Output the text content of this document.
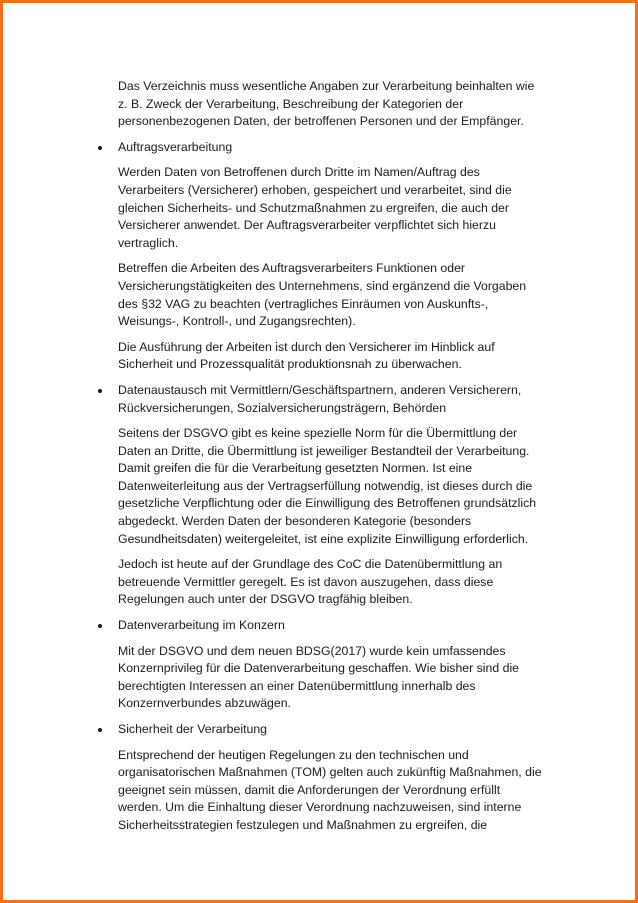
Das Verzeichnis muss wesentliche Angaben zur Verarbeitung beinhalten wie
z. B. Zweck der Verarbeitung, Beschreibung der Kategorien der
personenbezogenen Daten, der betroffenen Personen und der Empfänger.
Auftragsverarbeitung
Werden Daten von Betroffenen durch Dritte im Namen/Auftrag des
Verarbeiters (Versicherer) erhoben, gespeichert und verarbeitet, sind die
gleichen Sicherheits- und Schutzmaßnahmen zu ergreifen, die auch der
Versicherer anwendet. Der Auftragsverarbeiter verpflichtet sich hierzu
vertraglich.
Betreffen die Arbeiten des Auftragsverarbeiters Funktionen oder
Versicherungstätigkeiten des Unternehmens, sind ergänzend die Vorgaben
des §32 VAG zu beachten (vertragliches Einräumen von Auskunfts-,
Weisungs-, Kontroll-, und Zugangsrechten).
Die Ausführung der Arbeiten ist durch den Versicherer im Hinblick auf
Sicherheit und Prozessqualität produktionsnah zu überwachen.
Datenaustausch mit Vermittlern/Geschäftspartnern, anderen Versicherern,
Rückversicherungen, Sozialversicherungsträgern, Behörden
Seitens der DSGVO gibt es keine spezielle Norm für die Übermittlung der
Daten an Dritte, die Übermittlung ist jeweiliger Bestandteil der Verarbeitung.
Damit greifen die für die Verarbeitung gesetzten Normen. Ist eine
Datenweiterleitung aus der Vertragserfüllung notwendig, ist dieses durch die
gesetzliche Verpflichtung oder die Einwilligung des Betroffenen grundsätzlich
abgedeckt. Werden Daten der besonderen Kategorie (besonders
Gesundheitsdaten) weitergeleitet, ist eine explizite Einwilligung erforderlich.
Jedoch ist heute auf der Grundlage des CoC die Datenübermittlung an
betreuende Vermittler geregelt. Es ist davon auszugehen, dass diese
Regelungen auch unter der DSGVO tragfähig bleiben.
Datenverarbeitung im Konzern
Mit der DSGVO und dem neuen BDSG(2017) wurde kein umfassendes
Konzernprivileg für die Datenverarbeitung geschaffen. Wie bisher sind die
berechtigten Interessen an einer Datenübermittlung innerhalb des
Konzernverbundes abzuwägen.
Sicherheit der Verarbeitung
Entsprechend der heutigen Regelungen zu den technischen und
organisatorischen Maßnahmen (TOM) gelten auch zukünftig Maßnahmen, die
geeignet sein müssen, damit die Anforderungen der Verordnung erfüllt
werden. Um die Einhaltung dieser Verordnung nachzuweisen, sind interne
Sicherheitsstrategien festzulegen und Maßnahmen zu ergreifen, die
